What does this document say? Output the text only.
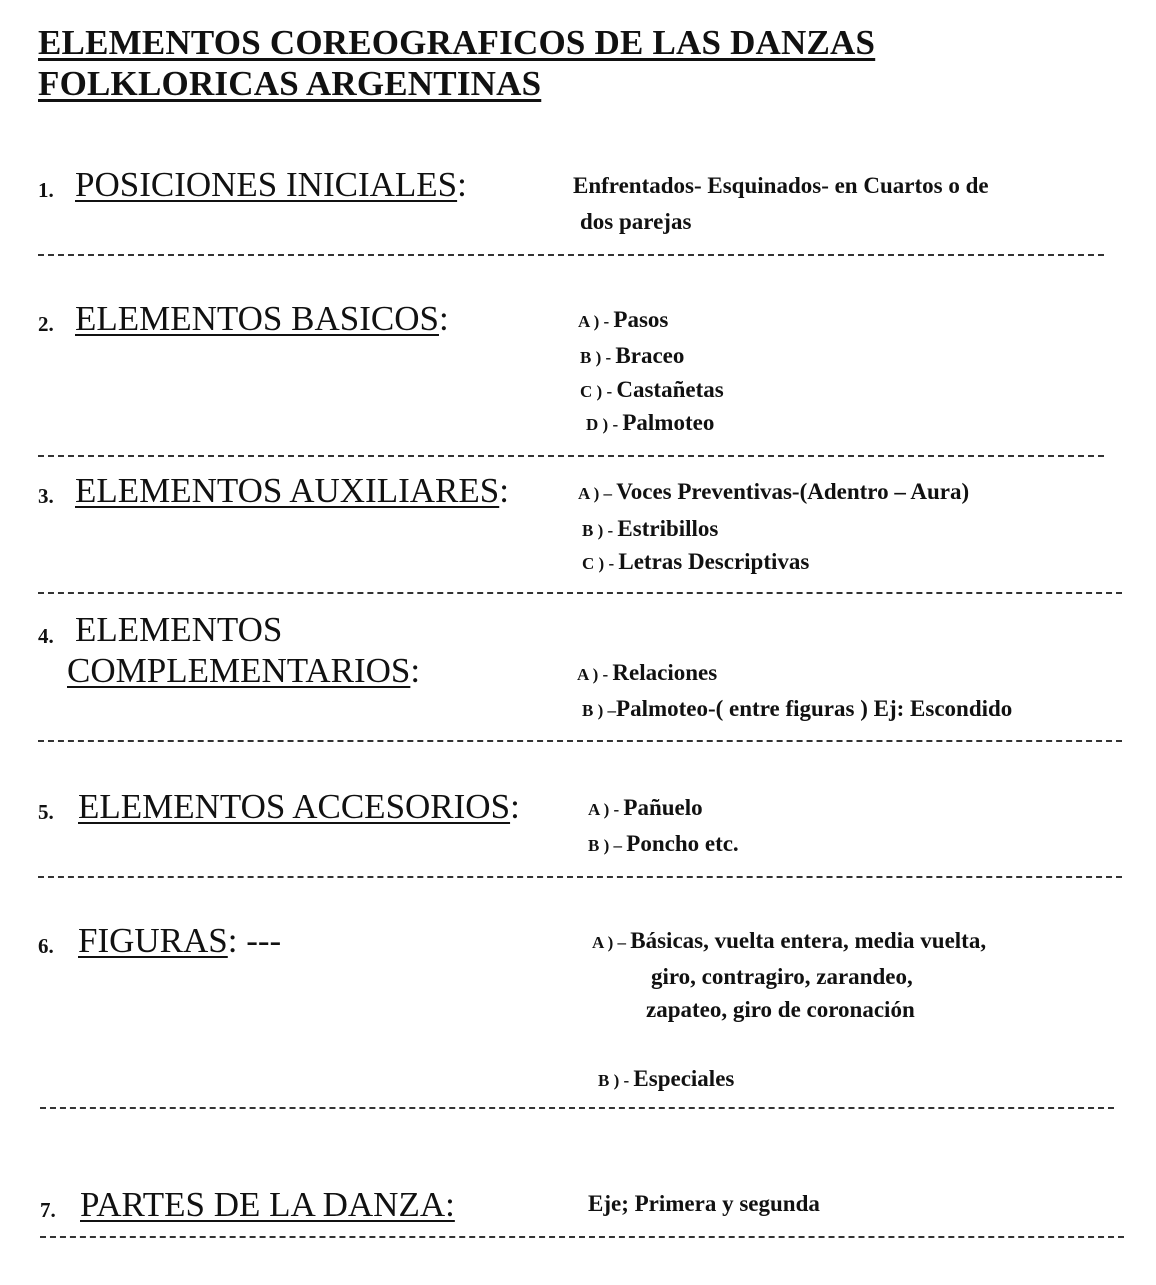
ELEMENTOS COREOGRAFICOS DE LAS DANZAS
FOLKLORICAS ARGENTINAS
1. POSICIONES INICIALES:	Enfrentados- Esquinados- en Cuartos o de
dos parejas
2. ELEMENTOS BASICOS:	A ) - Pasos
B ) - Braceo
C ) - Castañetas
D ) - Palmoteo
3. ELEMENTOS AUXILIARES:	A ) – Voces Preventivas-(Adentro – Aura)
B ) - Estribillos
C ) - Letras Descriptivas
4. ELEMENTOS
COMPLEMENTARIOS:	A ) - Relaciones
B ) –Palmoteo-( entre figuras ) Ej: Escondido
5. ELEMENTOS ACCESORIOS:	A ) - Pañuelo
B ) – Poncho etc.
6. FIGURAS: ---	A ) – Básicas, vuelta entera, media vuelta,
giro, contragiro, zarandeo,
zapateo, giro de coronación
B ) - Especiales
7. PARTES DE LA DANZA:	Eje; Primera y segunda
